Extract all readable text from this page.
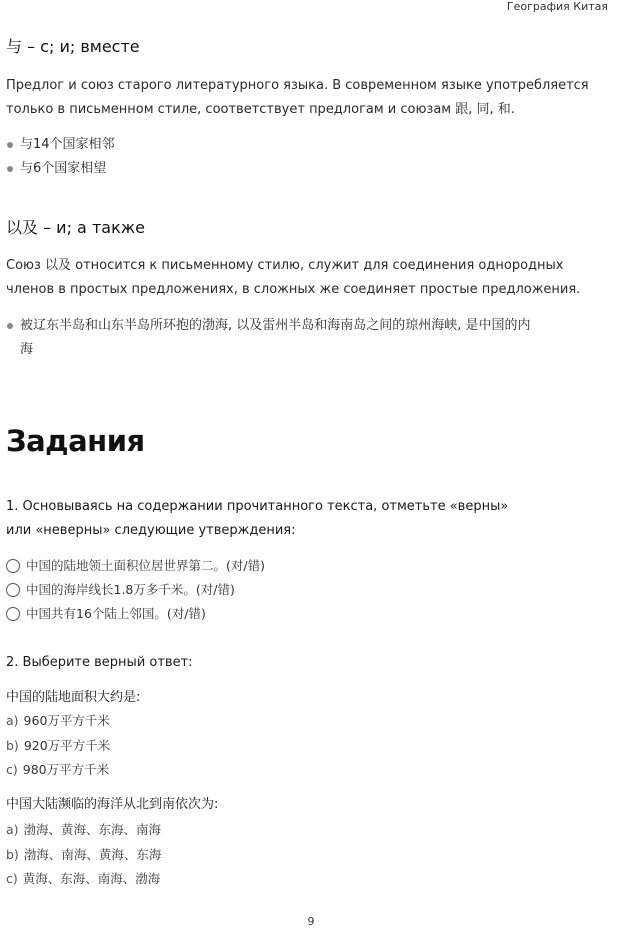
География Китая
与 – с; и; вместе

Предлог и союз старого литературного языка. В современном языке употребляется
только в письменном стиле, соответствует предлогам и союзам 跟, 同, 和.

与14个国家相邻
与6个国家相望
以及 – и; а также

Союз 以及 относится к письменному стилю, служит для соединения однородных
членов в простых предложениях, в сложных же соединяет простые предложения.

被辽东半岛和山东半岛所环抱的渤海, 以及雷州半岛和海南岛之间的琼州海峡, 是中国的内
海
Задания

1. Основываясь на содержании прочитанного текста, отметьте «верны»
или «неверны» следующие утверждения:

中国的陆地领土面积位居世界第二。(对/错)
中国的海岸线长1.8万多千米。(对/错)
中国共有16个陆上邻国。(对/错)

2. Выберите верный ответ:

中国的陆地面积大约是:

a) 960万平方千米
b) 920万平方千米
c) 980万平方千米

中国大陆濒临的海洋从北到南依次为:

a) 渤海、黄海、东海、南海
b) 渤海、南海、黄海、东海
c) 黄海、东海、南海、渤海
9
